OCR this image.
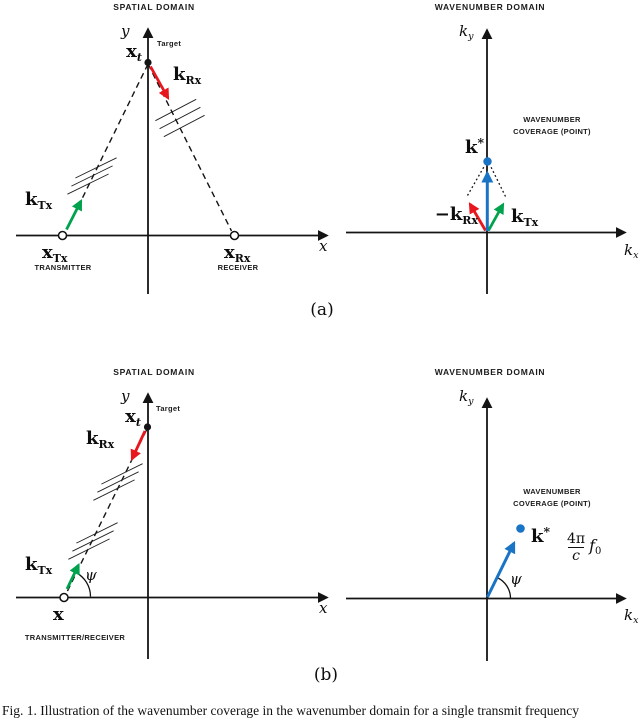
SPATIAL DOMAIN
y
x
Target
$x_t$
$k_{Rx}$
$k_{Tx}$
$x_{Tx}$
TRANSMITTER
$x_{Rx}$
RECEIVER
WAVENUMBER DOMAIN
$k_y$
$k_x$
WAVENUMBER
COVERAGE (POINT)
k*
$-k_{Rx}$ $k_{Tx}$
(a)
SPATIAL DOMAIN
y
x
Target
$x_t$
$k_{Rx}$
$k_{Tx}$ ψ
x
TRANSMITTER/RECEIVER
WAVENUMBER DOMAIN
$k_y$
$k_x$
WAVENUMBER
COVERAGE (POINT)
$k^* \frac{4\pi}{c} f0$
ψ
(b)
Fig. 1. Illustration of the wavenumber coverage in the wavenumber domain for a single transmit frequency
